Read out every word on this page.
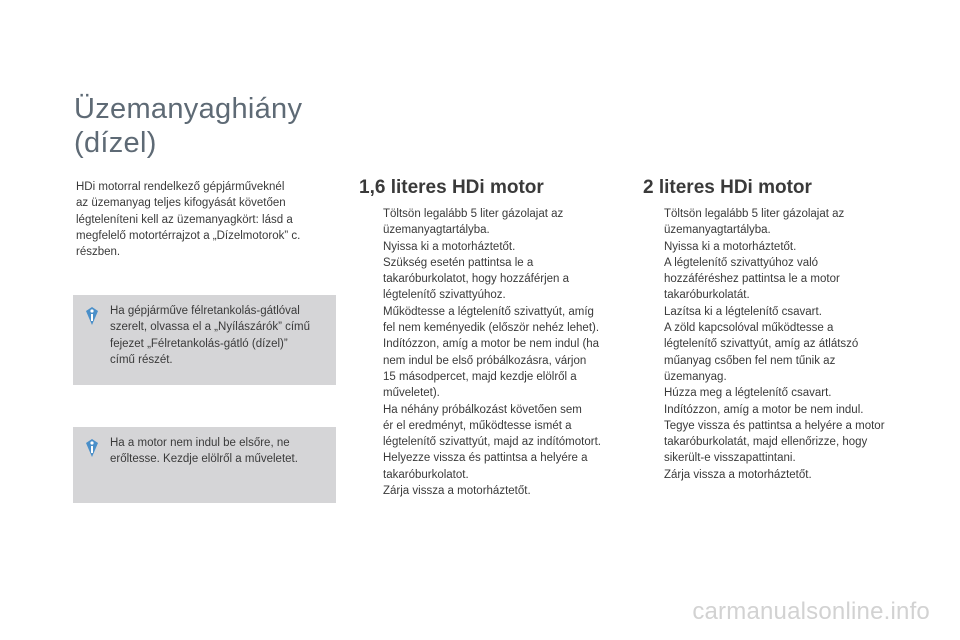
Üzemanyaghiány
(dízel)
HDi motorral rendelkező gépjárműveknél
az üzemanyag teljes kifogyását követően
légteleníteni kell az üzemanyagkört: lásd a
megfelelő motortérrajzot a „Dízelmotorok” c.
részben.
Ha gépjárműve félretankolás-gátlóval
szerelt, olvassa el a „Nyílászárók” című
fejezet „Félretankolás-gátló (dízel)”
című részét.
Ha a motor nem indul be elsőre, ne
erőltesse. Kezdje elölről a műveletet.
1,6 literes HDi motor
Töltsön legalább 5 liter gázolajat az
üzemanyagtartályba.
Nyissa ki a motorháztetőt.
Szükség esetén pattintsa le a
takaróburkolatot, hogy hozzáférjen a
légtelenítő szivattyúhoz.
Működtesse a légtelenítő szivattyút, amíg
fel nem keményedik (először nehéz lehet).
Indítózzon, amíg a motor be nem indul (ha
nem indul be első próbálkozásra, várjon
15 másodpercet, majd kezdje elölről a
műveletet).
Ha néhány próbálkozást követően sem
ér el eredményt, működtesse ismét a
légtelenítő szivattyút, majd az indítómotort.
Helyezze vissza és pattintsa a helyére a
takaróburkolatot.
Zárja vissza a motorháztetőt.
2 literes HDi motor
Töltsön legalább 5 liter gázolajat az
üzemanyagtartályba.
Nyissa ki a motorháztetőt.
A légtelenítő szivattyúhoz való
hozzáféréshez pattintsa le a motor
takaróburkolatát.
Lazítsa ki a légtelenítő csavart.
A zöld kapcsolóval működtesse a
légtelenítő szivattyút, amíg az átlátszó
műanyag csőben fel nem tűnik az
üzemanyag.
Húzza meg a légtelenítő csavart.
Indítózzon, amíg a motor be nem indul.
Tegye vissza és pattintsa a helyére a motor
takaróburkolatát, majd ellenőrizze, hogy
sikerült-e visszapattintani.
Zárja vissza a motorháztetőt.
carmanualsonline.info
